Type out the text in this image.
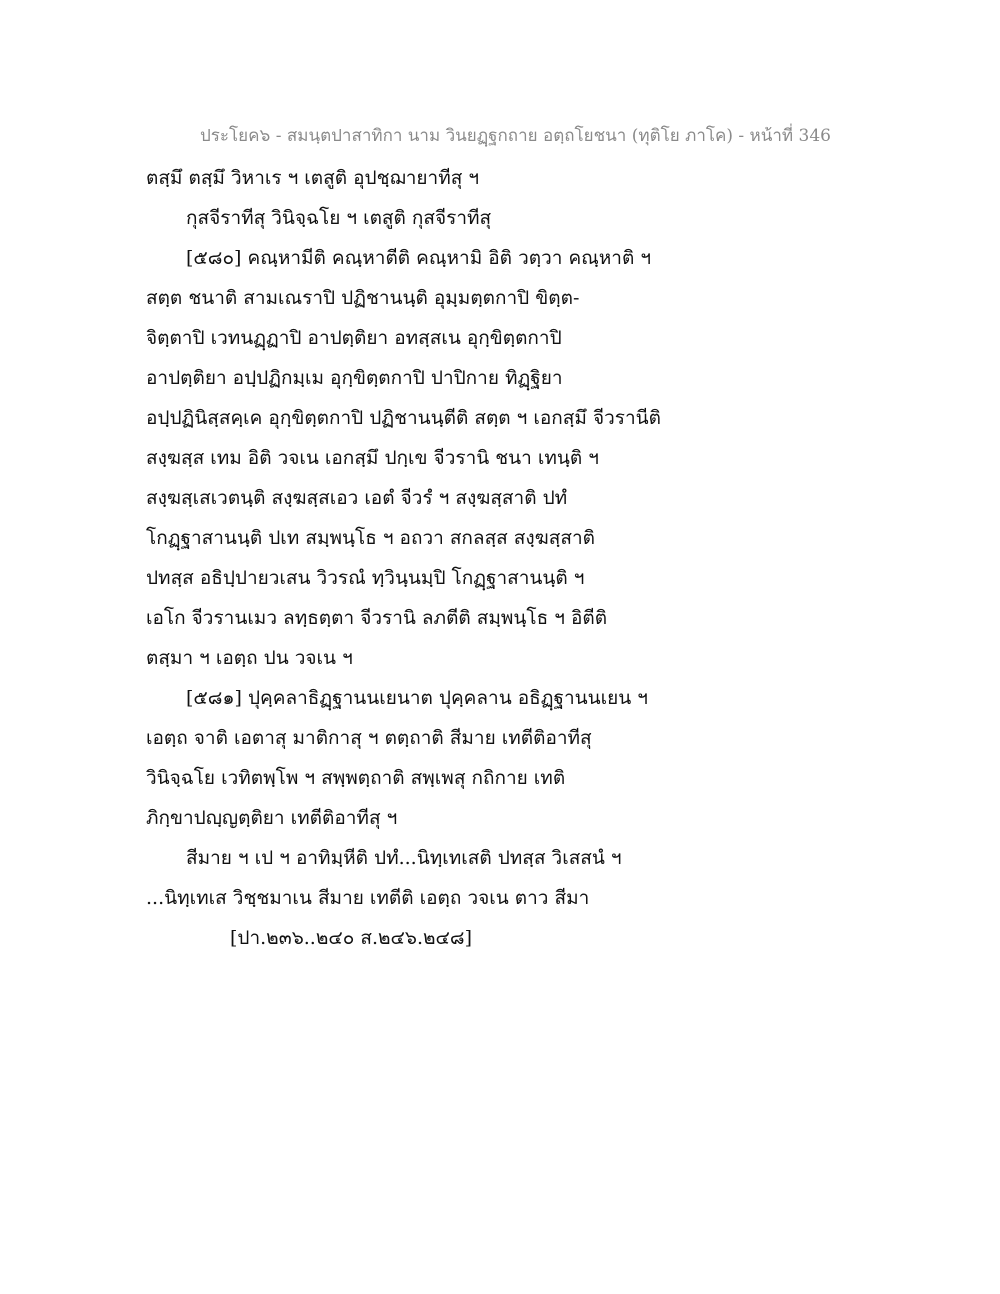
ประโยค๖ - สมนฺตปาสาทิกา นาม วินยฏฺฐกถาย อตฺถโยชนา (ทุติโย ภาโค) - หน้าที่ 346
ตสฺมึ ตสฺมึ วิหาเร ฯ เตสูติ อุปชฺฌายาทีสุ ฯ
กุสจีราทีสุ วินิจฺฉโย ฯ เตสูติ กุสจีราทีสุ
[๕๘๐] คณฺหามีติ คณฺหาตีติ คณฺหามิ อิติ วตฺวา คณฺหาติ ฯ
สตฺต ชนาติ สามเณราปิ ปฏิชานนฺติ อุมฺมตฺตกาปิ ขิตฺต-
จิตฺตาปิ เวทนฏฺฏาปิ อาปตฺติยา อทสฺสเน อุกฺขิตฺตกาปิ
อาปตฺติยา อปฺปฏิกมฺเม อุกฺขิตฺตกาปิ ปาปิกาย ทิฏฺฐิยา
อปฺปฏินิสฺสคฺเค อุกฺขิตฺตกาปิ ปฏิชานนฺตีติ สตฺต ฯ เอกสฺมึ จีวรานีติ
สงฺฆสฺส เทม อิติ วจเน เอกสฺมึ ปกฺเข จีวรานิ ชนา เทนฺติ ฯ
สงฺฆสฺเสเวตนฺติ สงฺฆสฺสเอว เอตํ จีวรํ ฯ สงฺฆสฺสาติ ปทํ
โกฏฺฐาสานนฺติ ปเท สมฺพนฺโธ ฯ อถวา สกลสฺส สงฺฆสฺสาติ
ปทสฺส อธิปฺปายวเสน วิวรณํ ทฺวินฺนมฺปิ โกฏฺฐาสานนฺติ ฯ
เอโก จีวรานเมว ลทฺธตฺตา จีวรานิ ลภตีติ สมฺพนฺโธ ฯ อิตีติ
ตสฺมา ฯ เอตฺถ ปน วจเน ฯ
[๕๘๑] ปุคฺคลาธิฏฺฐานนเยนาต ปุคฺคลาน อธิฏฺฐานนเยน ฯ
เอตฺถ จาติ เอตาสุ มาติกาสุ ฯ ตตฺถาติ สีมาย เทตีติอาทีสุ
วินิจฺฉโย เวทิตพฺโพ ฯ สพฺพตฺถาติ สพฺเพสุ กถิกาย เทติ
ภิกฺขาปญฺญตฺติยา เทตีติอาทีสุ ฯ
สีมาย ฯ เป ฯ อาทิมฺหีติ ปทํ...นิทฺเทเสติ ปทสฺส วิเสสนํ ฯ
...นิทฺเทเส วิชฺชมาเน สีมาย เทตีติ เอตฺถ วจเน ตาว สีมา
[ปา.๒๓๖..๒๔๐ ส.๒๔๖.๒๔๘]
